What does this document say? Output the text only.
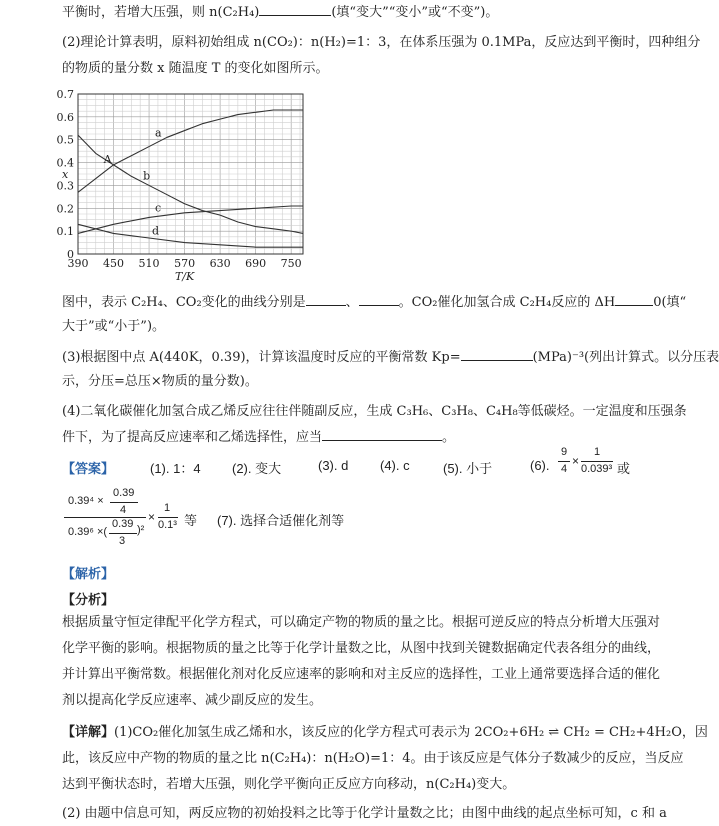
平衡时，若增大压强，则 n(C₂H₄)	(填“变大”“变小”或“不变”)。
(2)理论计算表明，原料初始组成 n(CO₂)：n(H₂)=1：3，在体系压强为 0.1MPa，反应达到平衡时，四种组分
的物质的量分数 x 随温度 T 的变化如图所示。
0
0.1
0.2
0.3
0.4
0.5
0.6
0.7
390 450 510 570 630 690 750
T/K
x
a
b
c
d
A
图中，表示 C₂H₄、CO₂变化的曲线分别是	、	。CO₂催化加氢合成 C₂H₄反应的 ΔH	0(填“
大于”或“小于”)。
(3)根据图中点 A(440K，0.39)，计算该温度时反应的平衡常数 Kp=	(MPa)⁻³(列出计算式。以分压表
示，分压=总压×物质的量分数)。
(4)二氧化碳催化加氢合成乙烯反应往往伴随副反应，生成 C₃H₆、C₃H₈、C₄H₈等低碳烃。一定温度和压强条
件下，为了提高反应速率和乙烯选择性，应当	。
【答案】	(1). 1：4 (2). 变大	(3). d (4). c	(5). 小于	(6).
9
4
×
1
0.039³ 或
0.39⁴ ×
0.39
4
0.39⁶ ×(
0.39
3
)²
×
1
0.1³ 等 (7). 选择合适催化剂等
【解析】
【分析】
根据质量守恒定律配平化学方程式，可以确定产物的物质的量之比。根据可逆反应的特点分析增大压强对
化学平衡的影响。根据物质的量之比等于化学计量数之比，从图中找到关键数据确定代表各组分的曲线，
并计算出平衡常数。根据催化剂对化反应速率的影响和对主反应的选择性，工业上通常要选择合适的催化
剂以提高化学反应速率、减少副反应的发生。
【详解】(1)CO₂催化加氢生成乙烯和水，该反应的化学方程式可表示为 2CO₂+6H₂ ⇌ CH₂ = CH₂+4H₂O，因
此，该反应中产物的物质的量之比 n(C₂H₄)：n(H₂O)=1：4。由于该反应是气体分子数减少的反应，当反应
达到平衡状态时，若增大压强，则化学平衡向正反应方向移动，n(C₂H₄)变大。
(2) 由题中信息可知，两反应物的初始投料之比等于化学计量数之比；由图中曲线的起点坐标可知，c 和 a
